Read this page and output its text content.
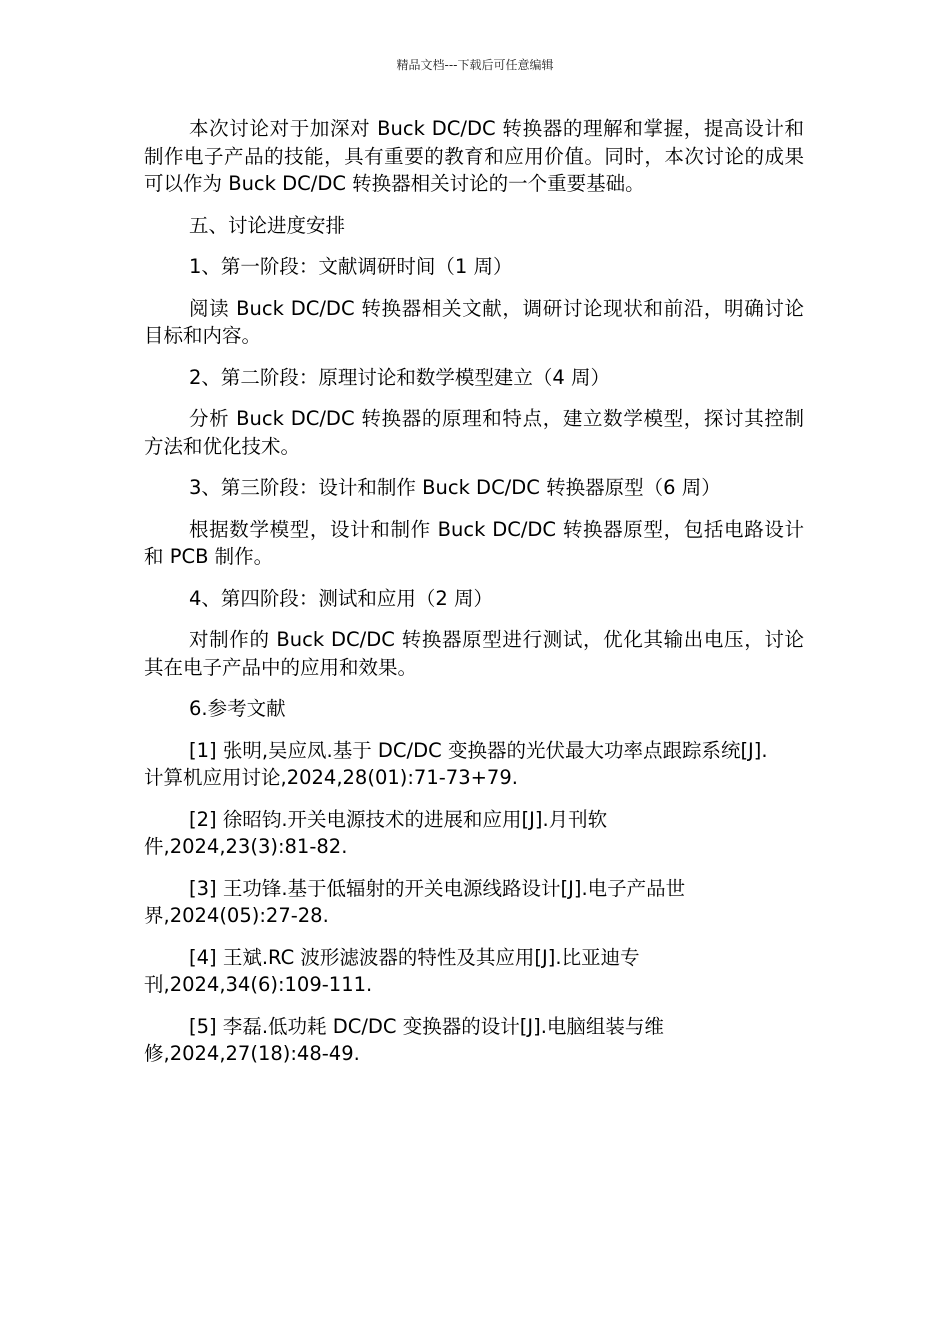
精品文档---下载后可任意编辑

本次讨论对于加深对 Buck DC/DC 转换器的理解和掌握，提高设计和制作电子产品的技能，具有重要的教育和应用价值。同时，本次讨论的成果可以作为 Buck DC/DC 转换器相关讨论的一个重要基础。

五、讨论进度安排

1、第一阶段：文献调研时间（1 周）

阅读 Buck DC/DC 转换器相关文献，调研讨论现状和前沿，明确讨论目标和内容。

2、第二阶段：原理讨论和数学模型建立（4 周）

分析 Buck DC/DC 转换器的原理和特点，建立数学模型，探讨其控制方法和优化技术。

3、第三阶段：设计和制作 Buck DC/DC 转换器原型（6 周）

根据数学模型，设计和制作 Buck DC/DC 转换器原型，包括电路设计和 PCB 制作。

4、第四阶段：测试和应用（2 周）

对制作的 Buck DC/DC 转换器原型进行测试，优化其输出电压，讨论其在电子产品中的应用和效果。

6.参考文献

[1] 张明,吴应凤.基于 DC/DC 变换器的光伏最大功率点跟踪系统[J].
计算机应用讨论,2024,28(01):71-73+79.
[2] 徐昭钧.开关电源技术的进展和应用[J].月刊软
件,2024,23(3):81-82.
[3] 王功锋.基于低辐射的开关电源线路设计[J].电子产品世
界,2024(05):27-28.
[4] 王斌.RC 波形滤波器的特性及其应用[J].比亚迪专
刊,2024,34(6):109-111.
[5] 李磊.低功耗 DC/DC 变换器的设计[J].电脑组装与维
修,2024,27(18):48-49.
